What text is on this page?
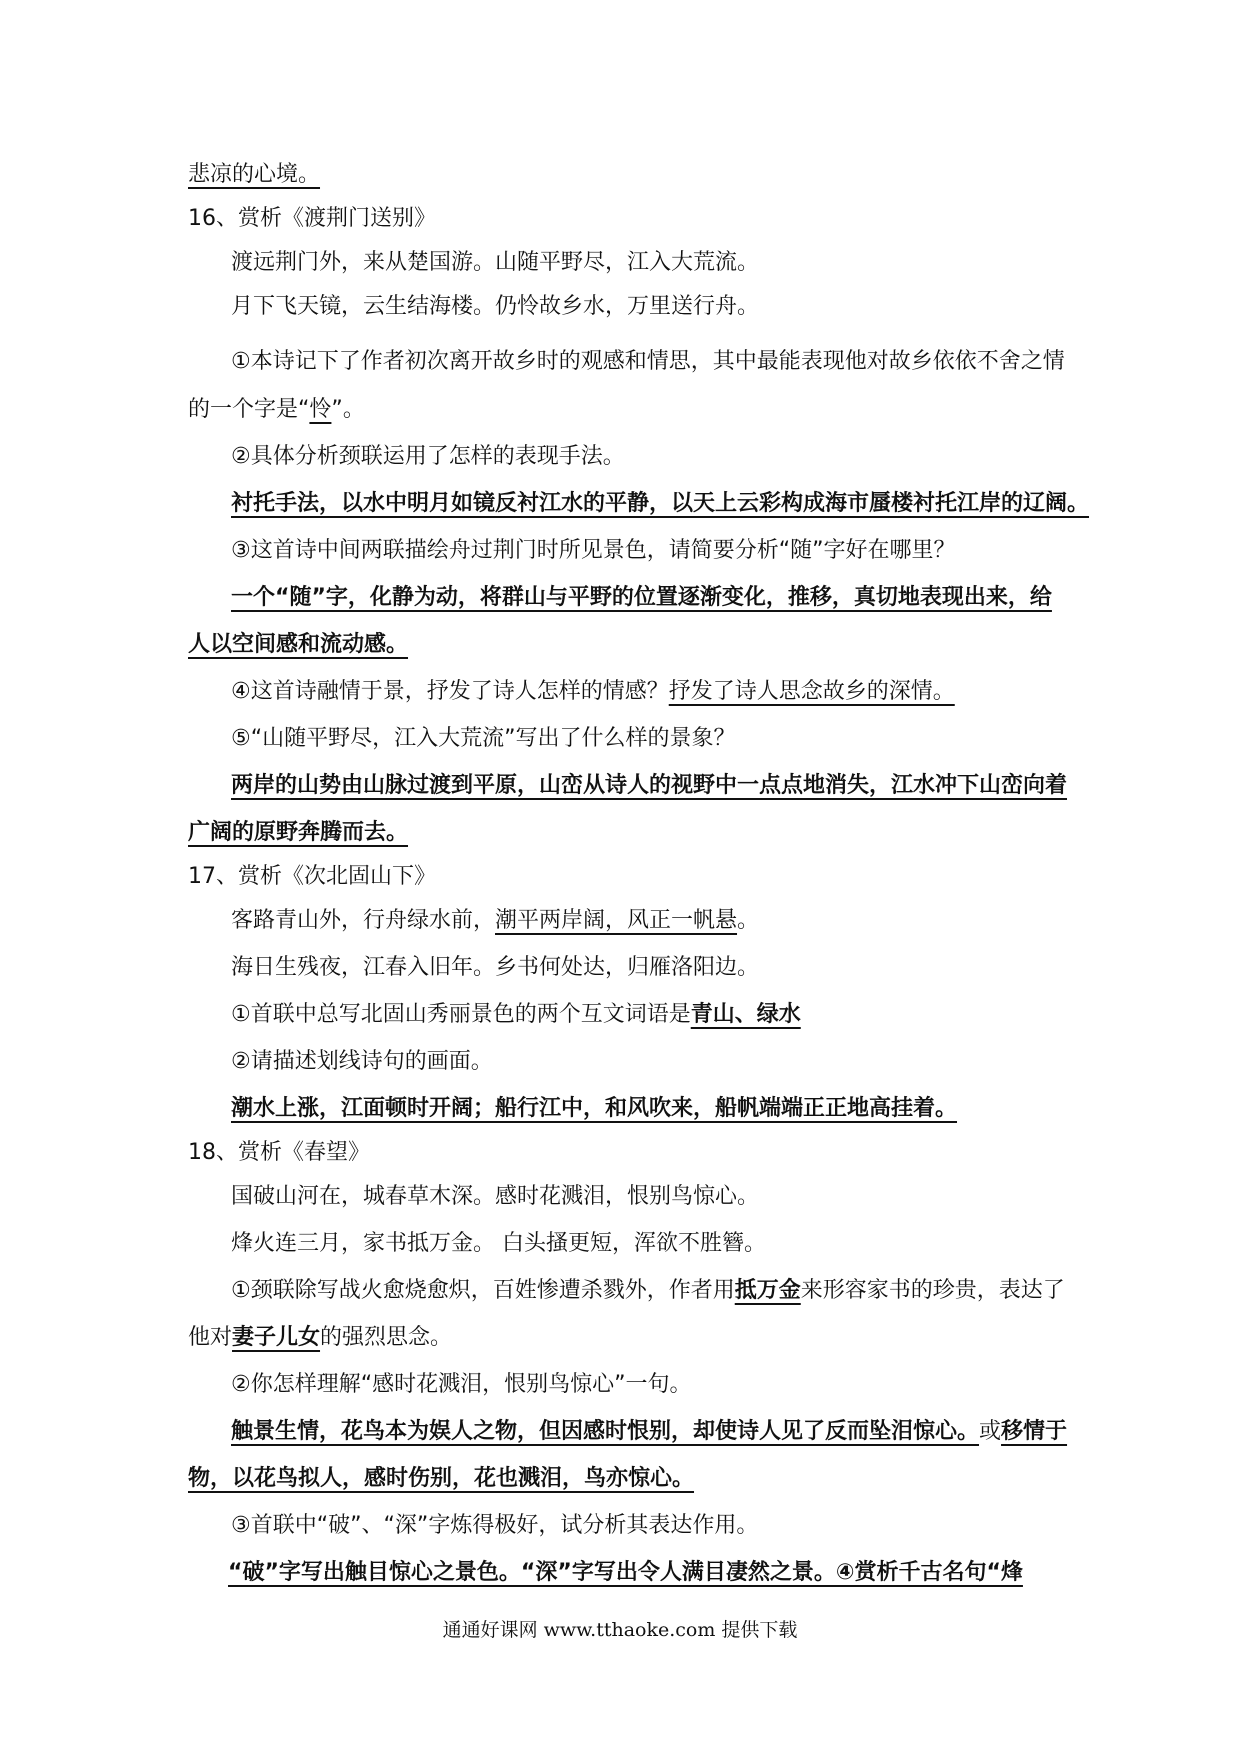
悲凉的心境。
16、赏析《渡荆门送别》
渡远荆门外，来从楚国游。山随平野尽，江入大荒流。
月下飞天镜，云生结海楼。仍怜故乡水，万里送行舟。
①本诗记下了作者初次离开故乡时的观感和情思，其中最能表现他对故乡依依不舍之情
的一个字是“怜”。
②具体分析颈联运用了怎样的表现手法。
衬托手法，以水中明月如镜反衬江水的平静，以天上云彩构成海市蜃楼衬托江岸的辽阔。
③这首诗中间两联描绘舟过荆门时所见景色，请简要分析“随”字好在哪里？
一个“随”字，化静为动，将群山与平野的位置逐渐变化，推移，真切地表现出来，给
人以空间感和流动感。
④这首诗融情于景，抒发了诗人怎样的情感？抒发了诗人思念故乡的深情。
⑤“山随平野尽，江入大荒流”写出了什么样的景象？
两岸的山势由山脉过渡到平原，山峦从诗人的视野中一点点地消失，江水冲下山峦向着
广阔的原野奔腾而去。
17、赏析《次北固山下》
客路青山外，行舟绿水前，潮平两岸阔，风正一帆悬。
海日生残夜，江春入旧年。乡书何处达，归雁洛阳边。
①首联中总写北固山秀丽景色的两个互文词语是青山、绿水
②请描述划线诗句的画面。
潮水上涨，江面顿时开阔；船行江中，和风吹来，船帆端端正正地高挂着。
18、赏析《春望》
国破山河在，城春草木深。感时花溅泪，恨别鸟惊心。
烽火连三月，家书抵万金。 白头搔更短，浑欲不胜簪。
①颈联除写战火愈烧愈炽，百姓惨遭杀戮外，作者用抵万金来形容家书的珍贵，表达了
他对妻子儿女的强烈思念。
②你怎样理解“感时花溅泪，恨别鸟惊心”一句。
触景生情，花鸟本为娱人之物，但因感时恨别，却使诗人见了反而坠泪惊心。或移情于
物，以花鸟拟人，感时伤别，花也溅泪，鸟亦惊心。
③首联中“破”、“深”字炼得极好，试分析其表达作用。
“破”字写出触目惊心之景色。“深”字写出令人满目凄然之景。④赏析千古名句“烽
通通好课网 www.tthaoke.com 提供下载
